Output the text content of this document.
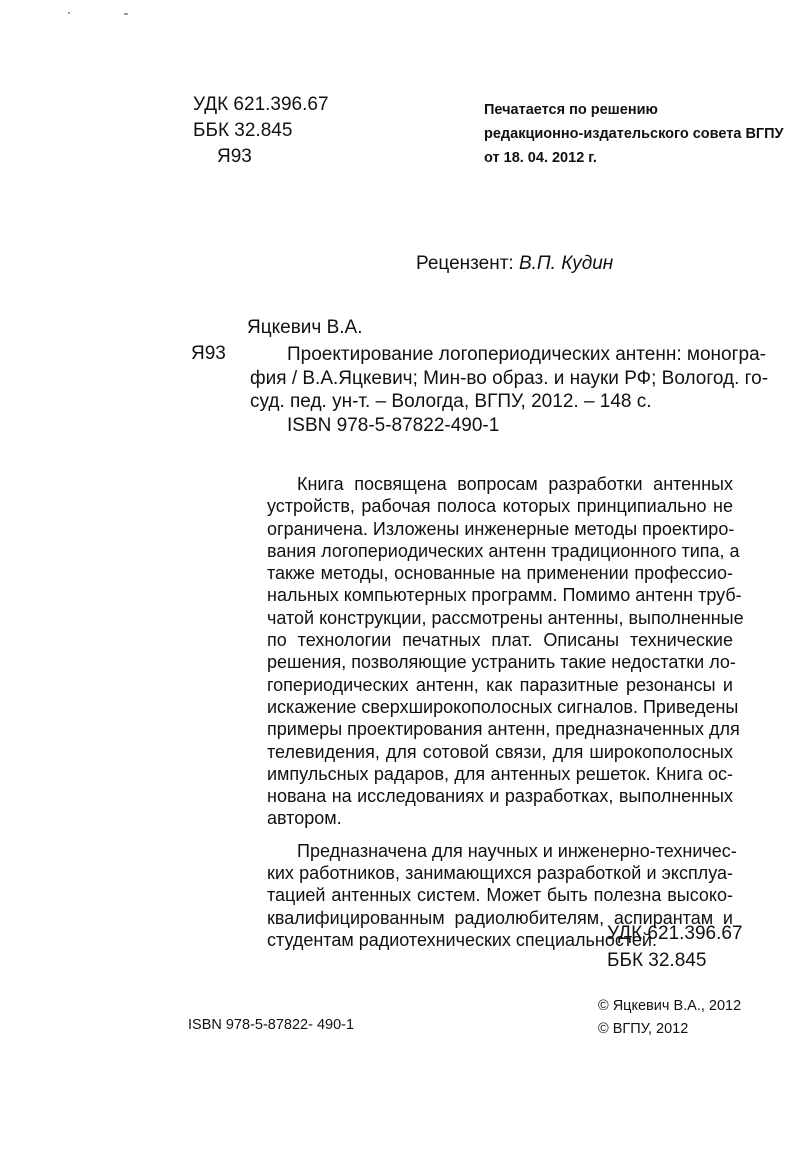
УДК 621.396.67
ББК 32.845
Я93
Печатается по решению
редакционно-издательского совета ВГПУ
от 18. 04. 2012 г.
Рецензент: В.П. Кудин
Яцкевич В.А.
Я93	Проектирование логопериодических антенн: моногра-
фия / В.А.Яцкевич; Мин-во образ. и науки РФ; Вологод. го-
суд. пед. ун-т. – Вологда, ВГПУ, 2012. – 148 с.
ISBN 978-5-87822-490-1
Книга посвящена вопросам разработки антенных
устройств, рабочая полоса которых принципиально не
ограничена. Изложены инженерные методы проектиро-
вания логопериодических антенн традиционного типа, а
также методы, основанные на применении профессио-
нальных компьютерных программ. Помимо антенн труб-
чатой конструкции, рассмотрены антенны, выполненные
по технологии печатных плат. Описаны технические
решения, позволяющие устранить такие недостатки ло-
гопериодических антенн, как паразитные резонансы и
искажение сверхширокополосных сигналов. Приведены
примеры проектирования антенн, предназначенных для
телевидения, для сотовой связи, для широкополосных
импульсных радаров, для антенных решеток. Книга ос-
нована на исследованиях и разработках, выполненных
автором.
Предназначена для научных и инженерно-техничес-
ких работников, занимающихся разработкой и эксплуа-
тацией антенных систем. Может быть полезна высоко-
квалифицированным радиолюбителям, аспирантам и
студентам радиотехнических специальностей.
УДК 621.396.67
ББК 32.845
ISBN 978-5-87822- 490-1
© Яцкевич В.А., 2012
© ВГПУ, 2012
